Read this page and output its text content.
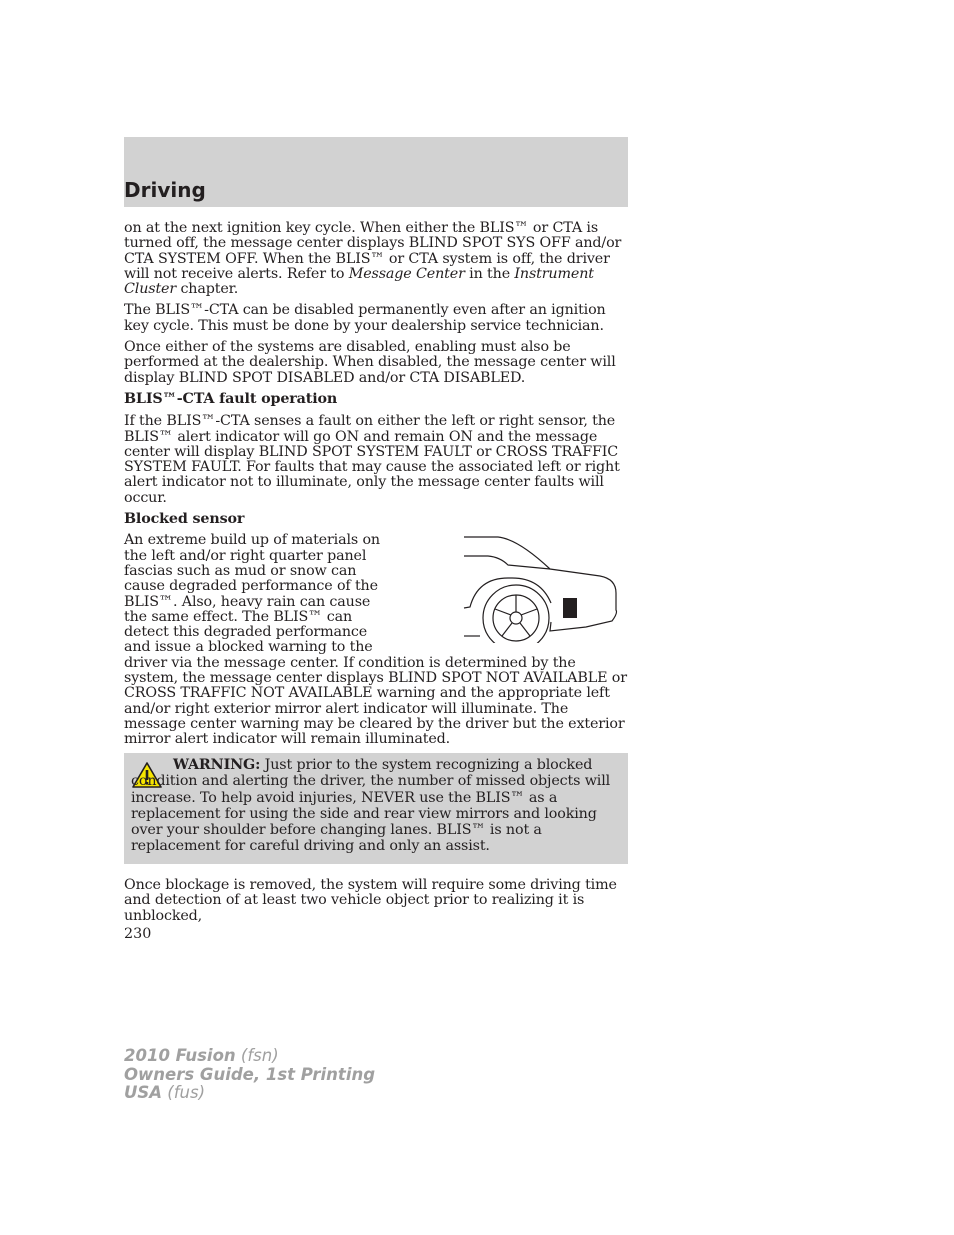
Driving

on at the next ignition key cycle. When either the BLIS™ or CTA is turned off, the message center displays BLIND SPOT SYS OFF and/or CTA SYSTEM OFF. When the BLIS™ or CTA system is off, the driver will not receive alerts. Refer to Message Center in the Instrument Cluster chapter.

The BLIS™-CTA can be disabled permanently even after an ignition key cycle. This must be done by your dealership service technician.

Once either of the systems are disabled, enabling must also be performed at the dealership. When disabled, the message center will display BLIND SPOT DISABLED and/or CTA DISABLED.

BLIS™-CTA fault operation

If the BLIS™-CTA senses a fault on either the left or right sensor, the BLIS™ alert indicator will go ON and remain ON and the message center will display BLIND SPOT SYSTEM FAULT or CROSS TRAFFIC SYSTEM FAULT. For faults that may cause the associated left or right alert indicator not to illuminate, only the message center faults will occur.

Blocked sensor

An extreme build up of materials on the left and/or right quarter panel fascias such as mud or snow can cause degraded performance of the BLIS™. Also, heavy rain can cause the same effect. The BLIS™ can detect this degraded performance and issue a blocked warning to the driver via the message center. If condition is determined by the system, the message center displays BLIND SPOT NOT AVAILABLE or CROSS TRAFFIC NOT AVAILABLE warning and the appropriate left and/or right exterior mirror alert indicator will illuminate. The message center warning may be cleared by the driver but the exterior mirror alert indicator will remain illuminated.

WARNING: Just prior to the system recognizing a blocked condition and alerting the driver, the number of missed objects will increase. To help avoid injuries, NEVER use the BLIS™ as a replacement for using the side and rear view mirrors and looking over your shoulder before changing lanes. BLIS™ is not a replacement for careful driving and only an assist.

Once blockage is removed, the system will require some driving time and detection of at least two vehicle object prior to realizing it is unblocked,

230
2010 Fusion (fsn)
Owners Guide, 1st Printing
USA (fus)
